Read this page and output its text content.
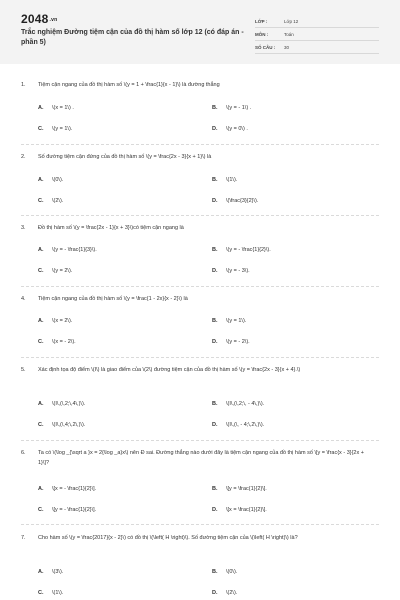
2048.vn
Trắc nghiệm Đường tiệm cận của đồ thị hàm số lớp 12 (có đáp án - phần 5)
LỚP :	Lớp 12
MÔN :	Toán
SỐ CÂU :	30
1. Tiệm cận ngang của đồ thị hàm số \(y = 1 + \frac{1}{x - 1}\) là đường thẳng
A. \(x = 1\) .	B. \(y = - 1\) .
C. \(y = 1\).	D. \(y = 0\) .
2. Số đường tiệm cận đứng của đồ thị hàm số \(y = \frac{2x - 3}{x + 1}\) là
A. \(0\).	B. \(1\).
C. \(2\).	D. \(\frac{3}{2}\).
3. Đồ thị hàm số \(y = \frac{2x - 1}{x + 3}\)có tiệm cận ngang là
A. \(y = - \frac{1}{3}\).	B. \(y = - \frac{1}{2}\).
C. \(y = 2\).	D. \(y = - 3\).
4. Tiệm cận ngang của đồ thị hàm số \(y = \frac{1 - 2x}{x - 2}\) là
A. \(x = 2\).	B. \(y = 1\).
C. \(x = - 2\).	D. \(y = - 2\).
5. Xác định tọa độ điểm \(I\) là giao điểm của \(2\) đường tiệm cận của đồ thị hàm số \(y = \frac{2x - 3}{x + 4}.\)
A. \(I\,(\,2;\,4\,)\).	B. \(I\,(\,2;\, - 4\,)\).
C. \(I\,(\,4;\,2\,)\).	D. \(I\,(\, - 4;\,2\,)\).
6. Ta có \(\log _{\sqrt a }x = 2{\log _a}x\) nên Đ sai. Đường thẳng nào dưới đây là tiệm cận ngang của đồ thị hàm số \[y = \frac{x - 3}{2x + 1}\]?
A. \[x = - \frac{1}{2}\].	B. \[y = \frac{1}{2}\].
C. \[y = - \frac{1}{2}\].	D. \[x = \frac{1}{2}\].
7. Cho hàm số \(y = \frac{2017}{x - 2}\) có đồ thị \(\left( H \right)\). Số đường tiệm cận của \(\left( H \right)\) là?
A. \(3\).	B. \(0\).
C. \(1\).	D. \(2\).
